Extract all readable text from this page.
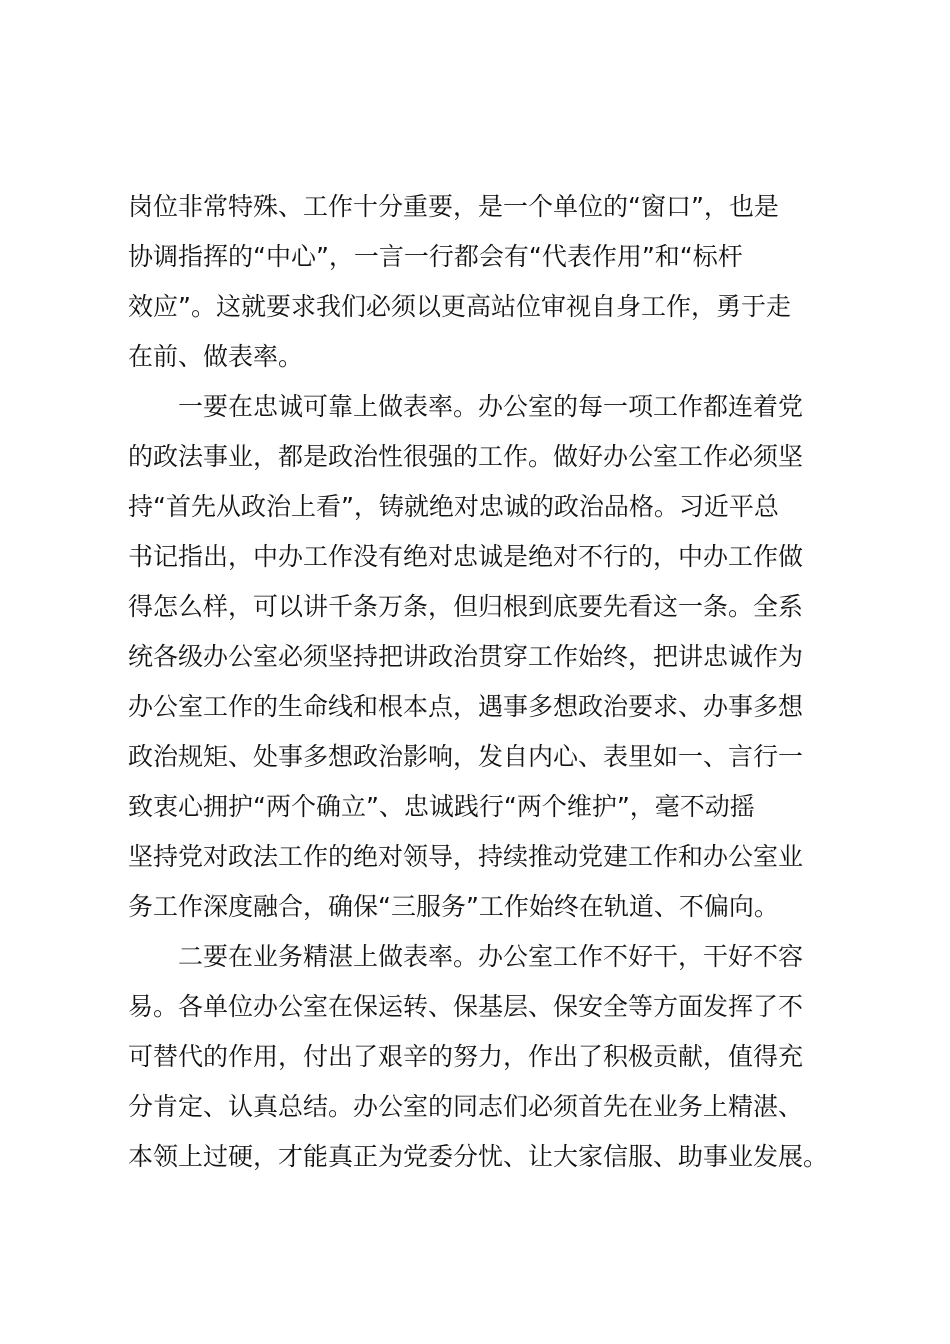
岗位非常特殊、工作十分重要，是一个单位的“窗口”，也是
协调指挥的“中心”，一言一行都会有“代表作用”和“标杆
效应”。这就要求我们必须以更高站位审视自身工作，勇于走
在前、做表率。
一要在忠诚可靠上做表率。办公室的每一项工作都连着党
的政法事业，都是政治性很强的工作。做好办公室工作必须坚
持“首先从政治上看”，铸就绝对忠诚的政治品格。习近平总
书记指出，中办工作没有绝对忠诚是绝对不行的，中办工作做
得怎么样，可以讲千条万条，但归根到底要先看这一条。全系
统各级办公室必须坚持把讲政治贯穿工作始终，把讲忠诚作为
办公室工作的生命线和根本点，遇事多想政治要求、办事多想
政治规矩、处事多想政治影响，发自内心、表里如一、言行一
致衷心拥护“两个确立”、忠诚践行“两个维护”，毫不动摇
坚持党对政法工作的绝对领导，持续推动党建工作和办公室业
务工作深度融合，确保“三服务”工作始终在轨道、不偏向。
二要在业务精湛上做表率。办公室工作不好干，干好不容
易。各单位办公室在保运转、保基层、保安全等方面发挥了不
可替代的作用，付出了艰辛的努力，作出了积极贡献，值得充
分肯定、认真总结。办公室的同志们必须首先在业务上精湛、
本领上过硬，才能真正为党委分忧、让大家信服、助事业发展。
